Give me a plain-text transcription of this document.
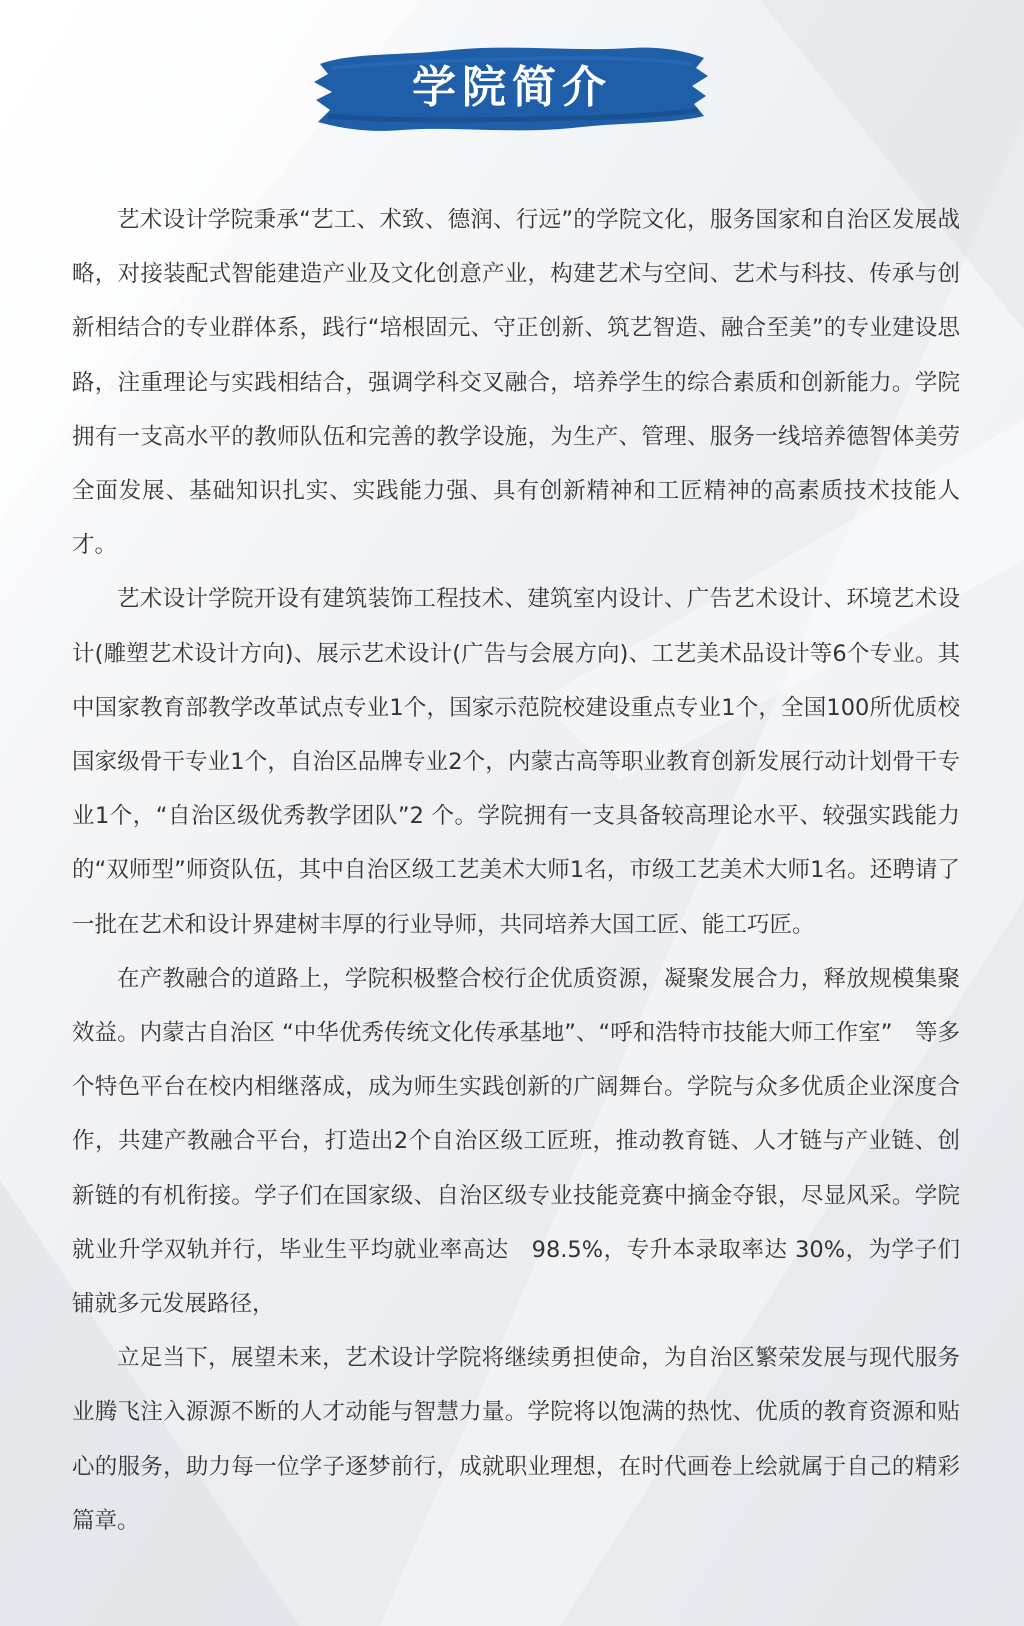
学院简介

艺术设计学院秉承“艺工、术致、德润、行远”的学院文化，服务国家和自治区发展战略，对接装配式智能建造产业及文化创意产业，构建艺术与空间、艺术与科技、传承与创新相结合的专业群体系，践行“培根固元、守正创新、筑艺智造、融合至美”的专业建设思路，注重理论与实践相结合，强调学科交叉融合，培养学生的综合素质和创新能力。学院拥有一支高水平的教师队伍和完善的教学设施，为生产、管理、服务一线培养德智体美劳全面发展、基础知识扎实、实践能力强、具有创新精神和工匠精神的高素质技术技能人才。

艺术设计学院开设有建筑装饰工程技术、建筑室内设计、广告艺术设计、环境艺术设计(雕塑艺术设计方向)、展示艺术设计(广告与会展方向)、工艺美术品设计等6个专业。其中国家教育部教学改革试点专业1个，国家示范院校建设重点专业1个，全国100所优质校国家级骨干专业1个，自治区品牌专业2个，内蒙古高等职业教育创新发展行动计划骨干专业1个，“自治区级优秀教学团队”2 个。学院拥有一支具备较高理论水平、较强实践能力的“双师型”师资队伍，其中自治区级工艺美术大师1名，市级工艺美术大师1名。还聘请了一批在艺术和设计界建树丰厚的行业导师，共同培养大国工匠、能工巧匠。

在产教融合的道路上，学院积极整合校行企优质资源，凝聚发展合力，释放规模集聚效益。内蒙古自治区 “中华优秀传统文化传承基地”、“呼和浩特市技能大师工作室”　等多个特色平台在校内相继落成，成为师生实践创新的广阔舞台。学院与众多优质企业深度合作，共建产教融合平台，打造出2个自治区级工匠班，推动教育链、人才链与产业链、创新链的有机衔接。学子们在国家级、自治区级专业技能竞赛中摘金夺银，尽显风采。学院就业升学双轨并行，毕业生平均就业率高达　98.5%，专升本录取率达 30%，为学子们铺就多元发展路径，

立足当下，展望未来，艺术设计学院将继续勇担使命，为自治区繁荣发展与现代服务业腾飞注入源源不断的人才动能与智慧力量。学院将以饱满的热忱、优质的教育资源和贴心的服务，助力每一位学子逐梦前行，成就职业理想，在时代画卷上绘就属于自己的精彩篇章。
